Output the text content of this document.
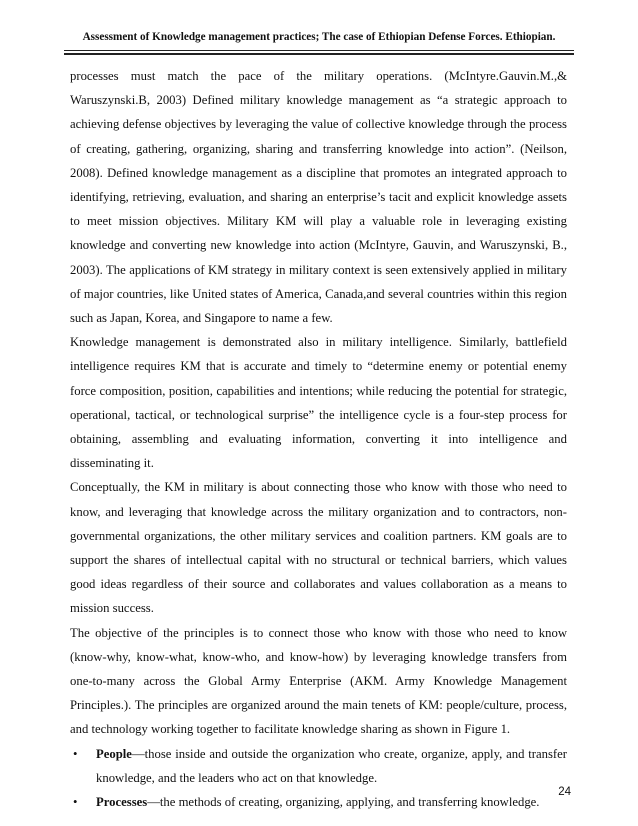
Assessment of Knowledge management practices; The case of Ethiopian Defense Forces. Ethiopian.

processes must match the pace of the military operations. (McIntyre.Gauvin.M.,& Waruszynski.B, 2003) Defined military knowledge management as “a strategic approach to achieving defense objectives by leveraging the value of collective knowledge through the process of creating, gathering, organizing, sharing and transferring knowledge into action”. (Neilson, 2008). Defined knowledge management as a discipline that promotes an integrated approach to identifying, retrieving, evaluation, and sharing an enterprise’s tacit and explicit knowledge assets to meet mission objectives. Military KM will play a valuable role in leveraging existing knowledge and converting new knowledge into action (McIntyre, Gauvin, and Waruszynski, B., 2003). The applications of KM strategy in military context is seen extensively applied in military of major countries, like United states of America, Canada,and several countries within this region such as Japan, Korea, and Singapore to name a few.

Knowledge management is demonstrated also in military intelligence. Similarly, battlefield intelligence requires KM that is accurate and timely to “determine enemy or potential enemy force composition, position, capabilities and intentions; while reducing the potential for strategic, operational, tactical, or technological surprise” the intelligence cycle is a four-step process for obtaining, assembling and evaluating information, converting it into intelligence and disseminating it.

Conceptually, the KM in military is about connecting those who know with those who need to know, and leveraging that knowledge across the military organization and to contractors, non-governmental organizations, the other military services and coalition partners. KM goals are to support the shares of intellectual capital with no structural or technical barriers, which values good ideas regardless of their source and collaborates and values collaboration as a means to mission success.

The objective of the principles is to connect those who know with those who need to know (know-why, know-what, know-who, and know-how) by leveraging knowledge transfers from one-to-many across the Global Army Enterprise (AKM. Army Knowledge Management Principles.). The principles are organized around the main tenets of KM: people/culture, process, and technology working together to facilitate knowledge sharing as shown in Figure 1.

• People—those inside and outside the organization who create, organize, apply, and transfer knowledge, and the leaders who act on that knowledge.
• Processes—the methods of creating, organizing, applying, and transferring knowledge.
24
